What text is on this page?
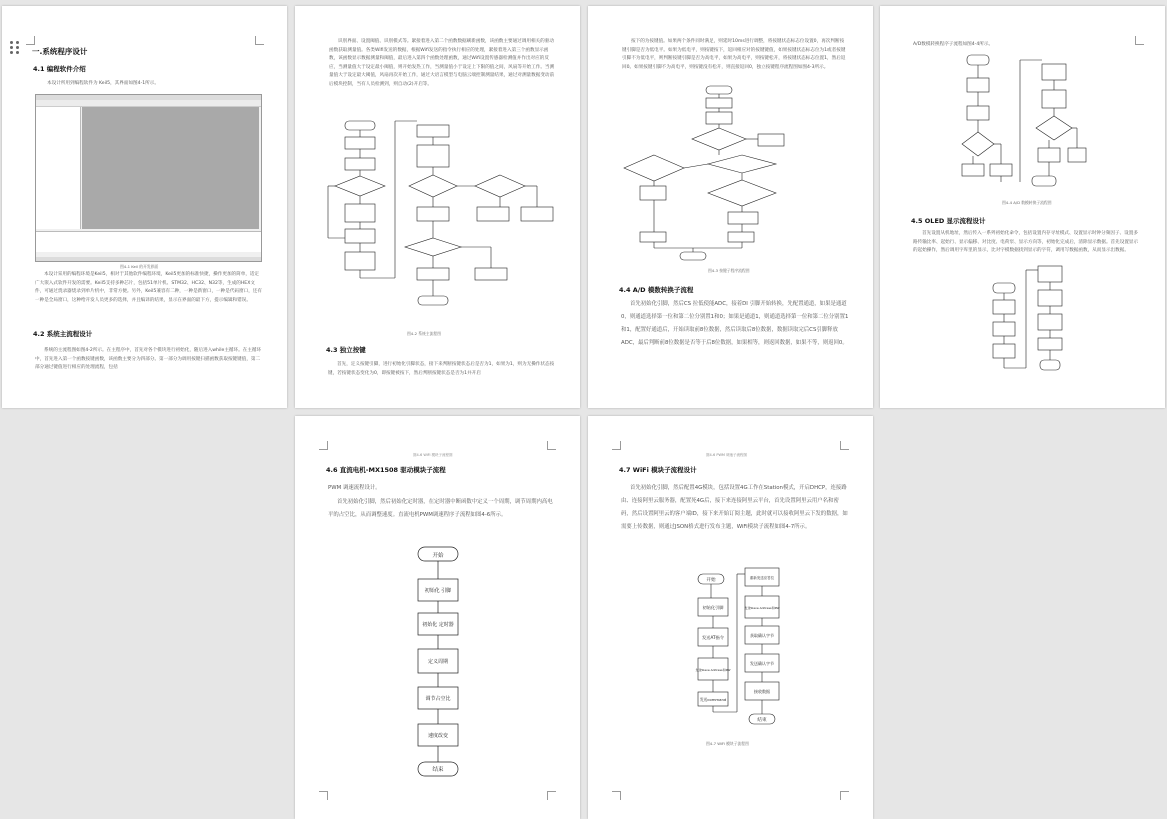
一.系统程序设计
4.1 编程软件介绍
本设计所用到编程软件为 Keil5，其界面如图4-1所示。
图4-1 Keil 的开发界面
本设计采用的编程环境是Keil5，相对于其他软件编程环境，Keil5更加的标准快捷，操作更加的简单，适定广大嵌入式软件开发的需要。Keil5支持多种芯片，包括51单片机、STM32、HC32、N32等，生成的HEX文件，可通过烧录器烧录到单片机中，非常方便。另外，Keil5兼容有二种，一种是新窗口，一种是代码窗口，还有一种是全局窗口，这种给开发人员更多的选择，并且编译的结果，显示在界面的最下方，提示编辑和错误。
4.2 系统主流程设计
系统的主流程图如图4-2所示。在主程序中，首先对各个模块进行初始化，随后进入while主循环。在主循环中，首先进入第一个函数按键函数，该函数主要分为四部分。第一部分为调用按键扫描函数获取按键键值，第二部分通过键值进行相应的处理流程，包括
识别界面、设置阈值、识别模式等。紧接着进入第二个函数数据刷新函数，该函数主要通过调用相关的驱动函数获取测量值。各类Wifi发送的数据，根据Wifi发送的指令执行相应的处理，紧接着进入第三个函数显示函数，该函数显示数据测量和阈值，最后进入第四个函数处理函数，通过Wifi设置传感器检测值并作出对应的反应，当测量值大于设定最小阈值，则开始发热工作，当测量值小于设定上下限的值之间，风扇等开始工作。当测量值大于设定最大阈值，风扇再次开始工作，通过大语言模型与电脑云端控制测量结果，通过对测量数据变动前后模块控制，当有人员检测到，则自动(2)开启等。
图4-2 系统主流程图
4.3 独立按键
首先，定义按键引脚，进行初始化引脚状态，接下来判断按键状态后是否为1，如果为1，则为无操作状态按键，若按键状态变化为0，即按键被按下，然后判断按键状态是否为1并开启
按下的为按键值。如果两个条件同时满足，则延时10ms进行调整，将按键状态标志位设置0，再次判断按键引脚是否为低电平。如果为低电平，则按键按下，返回相应对的按键键值，如果按键状态标志位为1或者按键引脚不为低电平，则判断按键引脚是否为高电平，如果为高电平，则按键松开，将按键状态标志位置1，然后返回0。如果按键引脚不为高电平，则按键没有松开，则直接返回0，独立按键程序流程图如图4-3所示。
图4-3 按键子程序流程图
4.4 A/D 模数转换子流程
首先初始化引脚，然后CS 拉低使能ADC，接着DI 引脚开始转换，先配置通道，如果是通道0，则通道选择第一位和第二位分别置1和0；如果是通道1，则通道选择第一位和第二位分别置1和1，配置好通道后，开始读取前8位数据，然后读取后8位数据，数据读取完后CS引脚释放ADC，最后判断前8位数据是否等于后8位数据，如果相等，则返回数据，如果不等，则返回0。
A/D数模转换程序子流程如图4-4所示。
图4-4 A/D 数模转换子流程图
4.5 OLED 显示流程设计
首先设置从机地址，然后传入一系列初始化命令，包括设置内存寻址模式、设置显示时钟分频因子、设置多路传输比率、起始行、显示偏移、对比度、电荷泵、显示方向等，初始化完成后，清除显示数据。首先设置显示的起始操作，然后调用字库里的显示，比对字模数据找到显示的字符，调用写数据函数，从而显示出数据。
图4-6 WiFi 模块子流程图
4.6 直流电机-MX1508 驱动模块子流程
PWM 调速流程设计。
首先初始化引脚，然后初始化定时器，在定时器中断函数中定义一个周期，调节周期内高电平的占空比，从而调整速度。直流电机PWM调速程序子流程如图4-6所示。
开始
初始化 引脚
初始化 定时器
定义周期
调节占空比
速度改变
结束
图4-6 PWM 调速子流程图
4.7 WiFi 模块子流程设计
首先初始化引脚，然后配置4G模块，包括设置4G工作在Station模式，开启DHCP，连接路由、连接阿里云服务器，配置死4G后，接下来连接阿里云平台，首先设置阿里云用户名和密码，然后设置阿里云的客户端ID，接下来开始订阅主题，此时就可以接收阿里云下发的数据，如需要上传数据，则通过JSON格式进行发布主题，WiFi模块子流程如图4-7所示。
开始
初始化引脚
发送AT指令
发送Slave Address和RW
发送command
重新发送应答位
发送Slave Address和RW
获取确认字节
发送确认字节
接收数据
结束
图4-7 WiFi 模块子流程图
